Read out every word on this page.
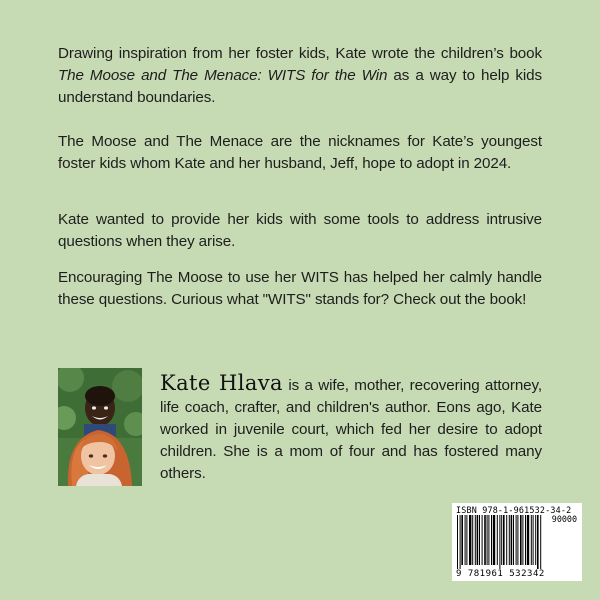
Drawing inspiration from her foster kids, Kate wrote the children’s book The Moose and The Menace: WITS for the Win as a way to help kids understand boundaries.

The Moose and The Menace are the nicknames for Kate’s youngest foster kids whom Kate and her husband, Jeff, hope to adopt in 2024.

Kate wanted to provide her kids with some tools to address intrusive questions when they arise.

Encouraging The Moose to use her WITS has helped her calmly handle these questions. Curious what "WITS" stands for? Check out the book!

Kate Hlava is a wife, mother, recovering attorney, life coach, crafter, and children's author. Eons ago, Kate worked in juvenile court, which fed her desire to adopt children. She is a mom of four and has fostered many others.

ISBN 978-1-961532-34-2
90000
9 781961 532342
